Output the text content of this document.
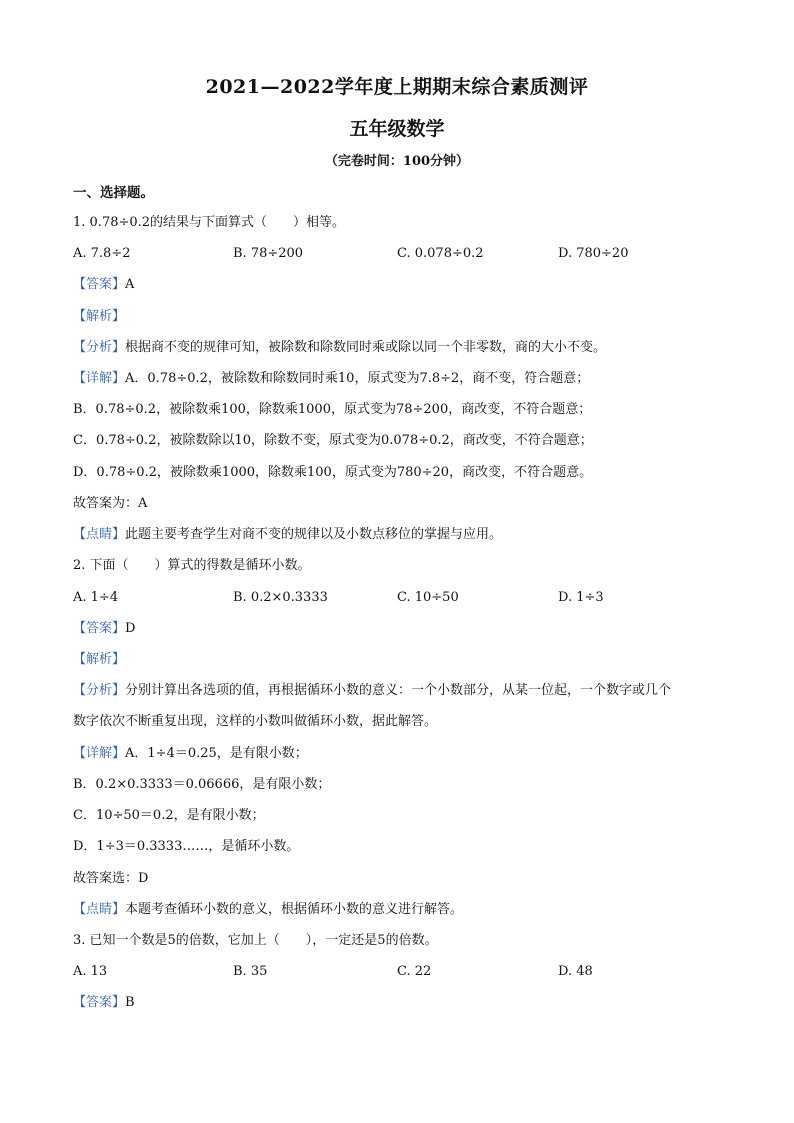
2021—2022学年度上期期末综合素质测评
五年级数学
（完卷时间：100分钟）
一、选择题。
1. 0.78÷0.2的结果与下面算式（　　）相等。
A. 7.8÷2	B. 78÷200	C. 0.078÷0.2	D. 780÷20
【答案】A
【解析】
【分析】根据商不变的规律可知，被除数和除数同时乘或除以同一个非零数，商的大小不变。
【详解】A．0.78÷0.2，被除数和除数同时乘10，原式变为7.8÷2，商不变，符合题意；
B．0.78÷0.2，被除数乘100，除数乘1000，原式变为78÷200，商改变，不符合题意；
C．0.78÷0.2，被除数除以10，除数不变，原式变为0.078÷0.2，商改变，不符合题意；
D．0.78÷0.2，被除数乘1000，除数乘100，原式变为780÷20，商改变，不符合题意。
故答案为：A
【点睛】此题主要考查学生对商不变的规律以及小数点移位的掌握与应用。
2. 下面（　　）算式的得数是循环小数。
A. 1÷4	B. 0.2×0.3333	C. 10÷50	D. 1÷3
【答案】D
【解析】
【分析】分别计算出各选项的值，再根据循环小数的意义：一个小数部分，从某一位起，一个数字或几个
数字依次不断重复出现，这样的小数叫做循环小数，据此解答。
【详解】A．1÷4＝0.25，是有限小数；
B．0.2×0.3333＝0.06666，是有限小数；
C．10÷50＝0.2，是有限小数；
D．1÷3＝0.3333……，是循环小数。
故答案选：D
【点睛】本题考查循环小数的意义，根据循环小数的意义进行解答。
3. 已知一个数是5的倍数，它加上（　　），一定还是5的倍数。
A. 13	B. 35	C. 22	D. 48
【答案】B
